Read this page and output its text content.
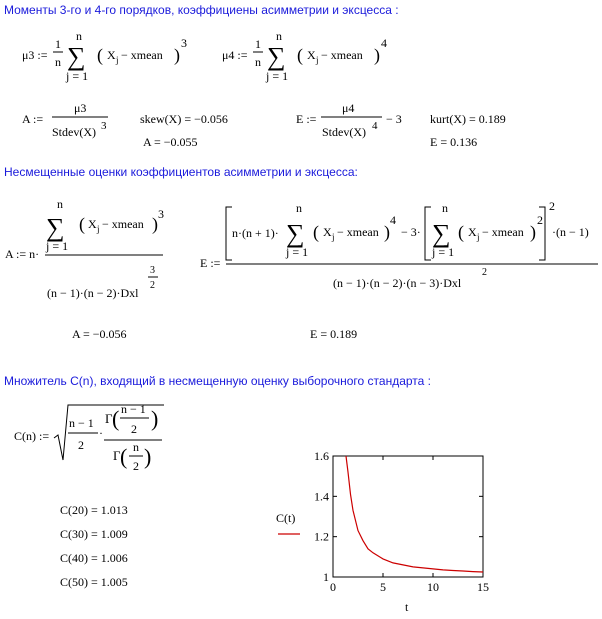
Моменты 3-го и 4-го порядков, коэффициены асимметрии и эксцесса :
Несмещенные оценки коэффициентов асимметрии и эксцесса:
Множитель C(n), входящий в несмещенную оценку выборочного стандарта :
μ3 :=
1
n
n
∑
j = 1
( X j − xmean )
3
μ4 :=
1
n
n
∑
j = 1
( X j − xmean )
4
A :=
μ3
Stdev(X) 3	skew(X) = −0.056
A = −0.055
E :=
μ4
Stdev(X) 4 − 3 kurt(X) = 0.189
E = 0.136
A := n·
n
∑
j = 1
( X j − xmean ) 3
(n − 1)·(n − 2)·Dxl
3
2
A = −0.056
E :=
n·(n + 1)·
n
∑
j = 1
( X j − xmean )
4
− 3·
n
∑
j = 1
( X j − xmean )
2
2
·(n − 1)
(n − 1)·(n − 2)·(n − 3)·Dxl
2
E = 0.189
C(n) :=
n − 1
2
·
Γ ( n − 1
2 )
Γ ( n
2 )
C(20) = 1.013
C(30) = 1.009
C(40) = 1.006
C(50) = 1.005	0	5	10	15
1
1.2
1.4
1.6
C(t)
t
